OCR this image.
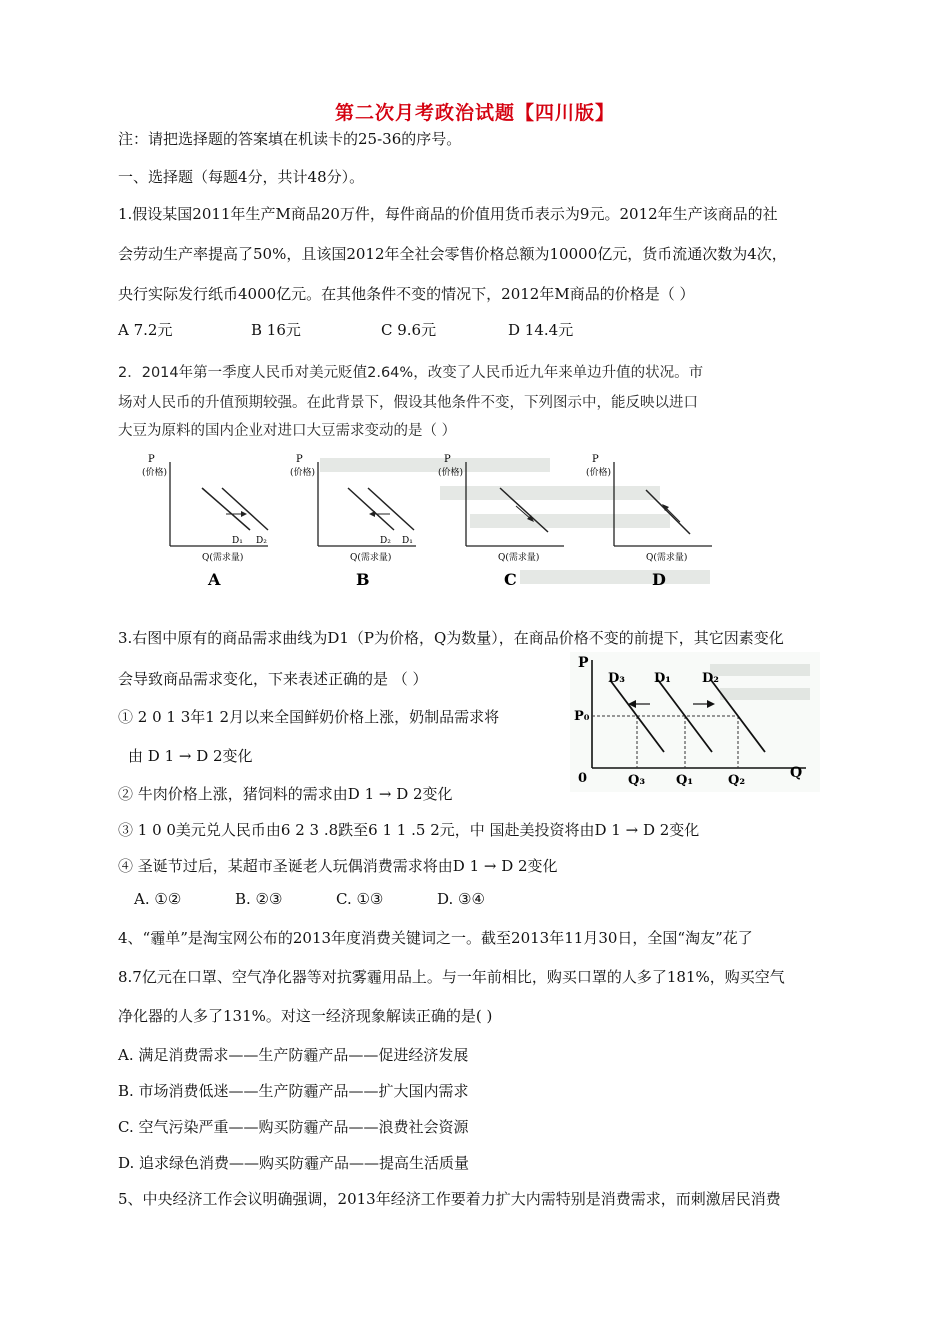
第二次月考政治试题【四川版】
注：请把选择题的答案填在机读卡的25-36的序号。
一、选择题（每题4分，共计48分）。
1.假设某国2011年生产M商品20万件，每件商品的价值用货币表示为9元。2012年生产该商品的社
会劳动生产率提高了50%，且该国2012年全社会零售价格总额为10000亿元，货币流通次数为4次，
央行实际发行纸币4000亿元。在其他条件不变的情况下，2012年M商品的价格是（ ）
A 7.2元	B 16元	C 9.6元	D 14.4元
2．2014年第一季度人民币对美元贬值2.64%，改变了人民币近九年来单边升值的状况。市
场对人民币的升值预期较强。在此背景下，假设其他条件不变，下列图示中，能反映以进口
大豆为原料的国内企业对进口大豆需求变动的是（ ）
P
(价格)
D₁ D₂
Q(需求量)
A
P
(价格)
D₂ D₁
Q(需求量)
B
P
(价格)
Q(需求量)
C
P
(价格)
Q(需求量)
D
3.右图中原有的商品需求曲线为D1（P为价格，Q为数量），在商品价格不变的前提下，其它因素变化
会导致商品需求变化，下来表述正确的是 （ ）
① 2 0 1 3年1 2月以来全国鲜奶价格上涨，奶制品需求将
由 D 1 → D 2变化
② 牛肉价格上涨，猪饲料的需求由D 1 → D 2变化
③ 1 0 0美元兑人民币由6 2 3 .8跌至6 1 1 .5 2元，中 国赴美投资将由D 1 → D 2变化
④ 圣诞节过后，某超市圣诞老人玩偶消费需求将由D 1 → D 2变化
A. ①②	B. ②③	C. ①③	D. ③④
P
Q
0
P₀
D₃ D₁ D₂
Q₃ Q₁	Q₂
4、“霾单”是淘宝网公布的2013年度消费关键词之一。截至2013年11月30日，全国“淘友”花了
8.7亿元在口罩、空气净化器等对抗雾霾用品上。与一年前相比，购买口罩的人多了181%，购买空气
净化器的人多了131%。对这一经济现象解读正确的是( )
A. 满足消费需求——生产防霾产品——促进经济发展
B. 市场消费低迷——生产防霾产品——扩大国内需求
C. 空气污染严重——购买防霾产品——浪费社会资源
D. 追求绿色消费——购买防霾产品——提高生活质量
5、中央经济工作会议明确强调，2013年经济工作要着力扩大内需特别是消费需求，而刺激居民消费
